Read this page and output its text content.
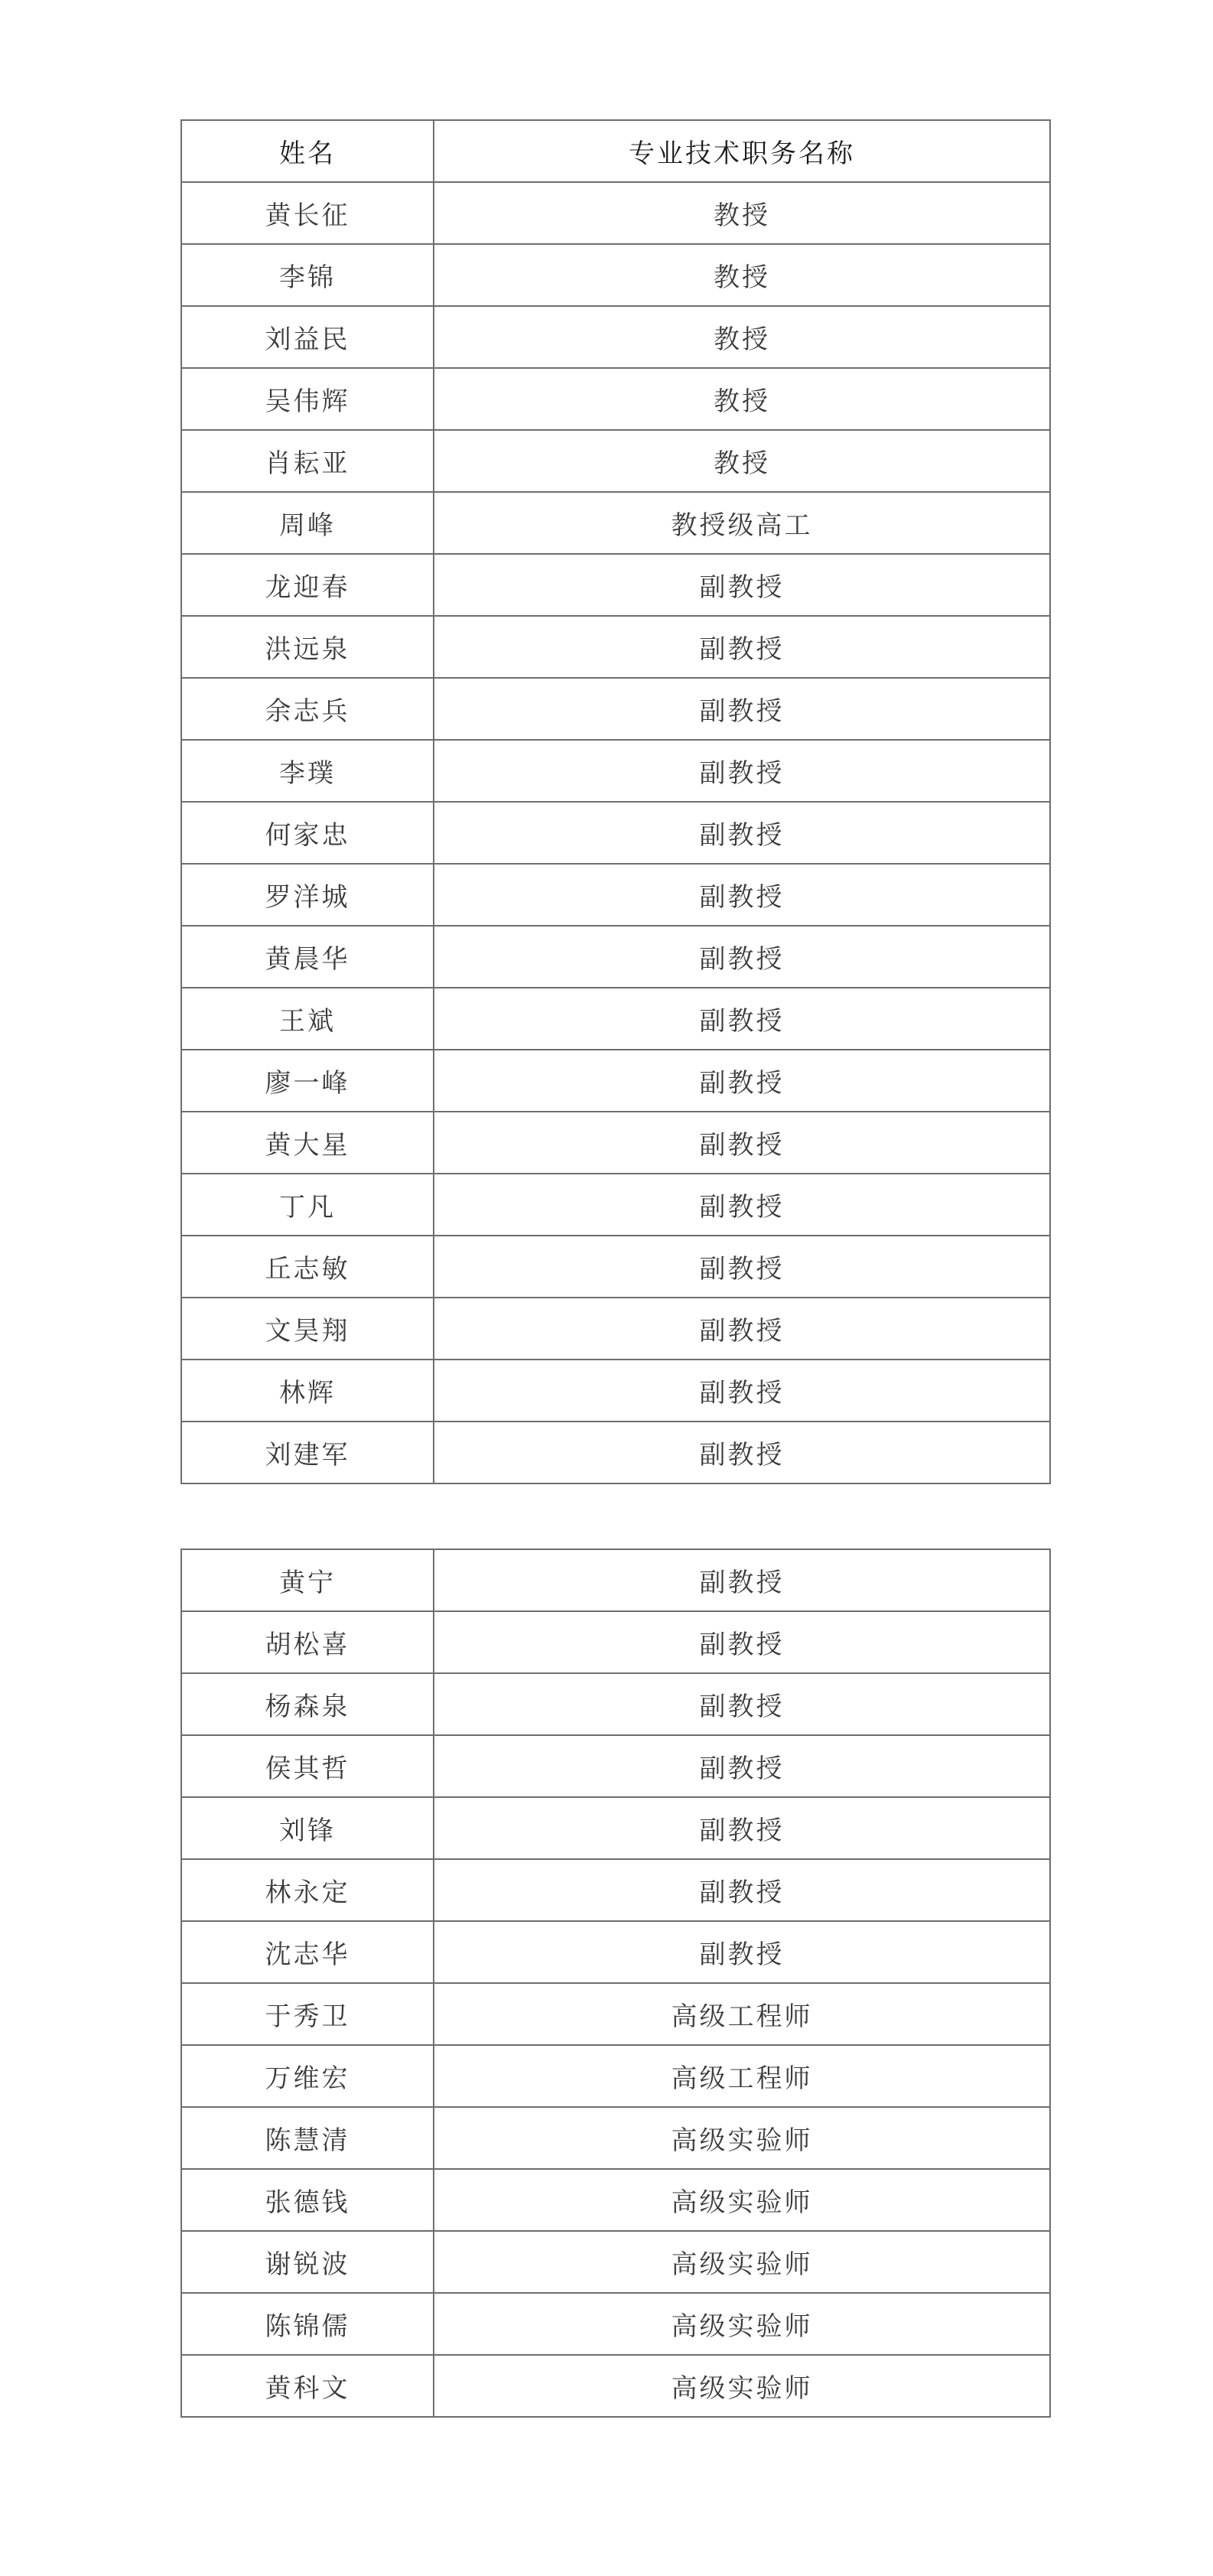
姓名	专业技术职务名称
黄长征	教授
李锦	教授
刘益民	教授
吴伟辉	教授
肖耘亚	教授
周峰	教授级高工
龙迎春	副教授
洪远泉	副教授
余志兵	副教授
李璞	副教授
何家忠	副教授
罗洋城	副教授
黄晨华	副教授
王斌	副教授
廖一峰	副教授
黄大星	副教授
丁凡	副教授
丘志敏	副教授
文昊翔	副教授
林辉	副教授
刘建军	副教授
黄宁	副教授
胡松喜	副教授
杨森泉	副教授
侯其哲	副教授
刘锋	副教授
林永定	副教授
沈志华	副教授
于秀卫	高级工程师
万维宏	高级工程师
陈慧清	高级实验师
张德钱	高级实验师
谢锐波	高级实验师
陈锦儒	高级实验师
黄科文	高级实验师
